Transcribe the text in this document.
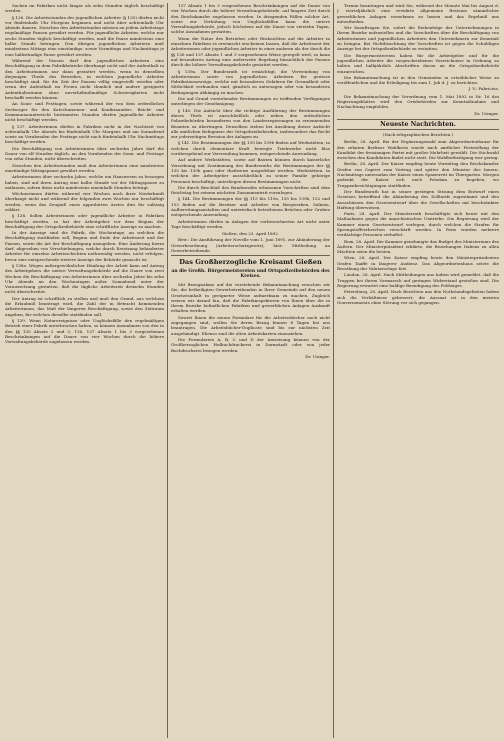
Sachen im Fabriken nicht länger als zehn Stunden täglich beschäftigt werden.

§ 136. Die Arbeitsstunden der jugendlichen Arbeiter (§ 135) dürfen nicht vor fünfeinhalb Uhr Morgens beginnen und nicht über achteinhalb Uhr Abends dauern. Zwischen den Arbeitsstunden müssen an jedem Arbeitstage regelmäßige Pausen gewährt werden. Für jugendliche Arbeiter, welche nur sechs Stunden täglich beschäftigt werden, muß die Pause mindestens eine halbe Stunde betragen. Den übrigen jugendlichen Arbeitern muß mindestens Mittags eine einstündige, sowie Vormittags und Nachmittags je eine halbstündige Pause gewährt werden.

Während der Pausen darf den jugendlichen Arbeitern eine Beschäftigung in dem Fabrikbetriebe überhaupt nicht und der Aufenthalt in den Arbeitsräumen nur dann gestattet werden, wenn in denselben diejenigen Theile des Betriebes, in welchen jugendliche Arbeiter beschäftigt sind, für die Zeit der Pausen völlig eingestellt werden oder wenn der Aufenthalt im Freien nicht thunlich und andere geeignete Aufenthaltsräume ohne unverhältnißmäßige Schwierigkeiten nicht beschafft werden können.

An Sonn- und Festtagen, sowie während der von dem ordentlichen Seelsorger für den Katechumenen- und Konfirmanden-, Beicht- und Kommunionunterricht bestimmten Stunden dürfen jugendliche Arbeiter nicht beschäftigt werden.

§ 137. Arbeiterinnen dürfen in Fabriken nicht in der Nachtzeit von achteinhalb Uhr Abends bis fünfeinhalb Uhr Morgens und am Sonnabend sowie an Vorabenden der Festtage nicht nach fünfeinhalb Uhr Nachmittags beschäftigt werden.

Die Beschäftigung von Arbeiterinnen über sechzehn Jahre darf die Dauer von elf Stunden täglich, an den Vorabenden der Sonn- und Festtage von zehn Stunden, nicht überschreiten.

Zwischen den Arbeitsstunden muß den Arbeiterinnen eine mindestens einstündige Mittagspause gewährt werden.

Arbeiterinnen über sechzehn Jahre, welche ein Hauswesen zu besorgen haben, sind auf ihren Antrag eine halbe Stunde vor der Mittagspause zu entlassen, sofern diese nicht mindestens eineinhalb Stunden beträgt.

Wöchnerinnen dürfen während vier Wochen nach ihrer Niederkunft überhaupt nicht und während der folgenden zwei Wochen nur beschäftigt werden, wenn das Zeugniß eines approbirten Arztes dies für zulässig erklärt.

§ 138. Sollen Arbeiterinnen oder jugendliche Arbeiter in Fabriken beschäftigt werden, so hat der Arbeitgeber vor dem Beginn der Beschäftigung der Ortspolizeibehörde eine schriftliche Anzeige zu machen.

In der Anzeige sind die Fabrik, die Wochentage, an welchen die Beschäftigung stattfinden soll, Beginn und Ende der Arbeitszeit und der Pausen, sowie die Art der Beschäftigung anzugeben. Eine Änderung hierin darf, abgesehen von Verschiebungen, welche durch Ersetzung behinderter Arbeiter für einzelne Arbeitsschichten nothwendig werden, nicht erfolgen, bevor eine entsprechende weitere Anzeige der Behörde gemacht ist.

§ 138a. Wegen außergewöhnlicher Häufung der Arbeit kann auf Antrag des Arbeitgebers die untere Verwaltungsbehörde auf die Dauer von zwei Wochen die Beschäftigung von Arbeiterinnen über sechzehn Jahre bis zehn Uhr Abends an den Wochentagen außer Sonnabend unter der Voraussetzung gestatten, daß die tägliche Arbeitszeit dreizehn Stunden nicht überschreitet.

Der Antrag ist schriftlich zu stellen und muß den Grund, aus welchem die Erlaubniß beantragt wird, die Zahl der in Betracht kommenden Arbeiterinnen, das Maß der längeren Beschäftigung, sowie den Zeitraum angeben, für welchen dieselbe stattfinden soll.

§ 139. Wenn Naturereignisse oder Unglücksfälle den regelmäßigen Betrieb einer Fabrik unterbrochen haben, so können Ausnahmen von den in den §§ 135 Absatz 2 und 3, 136, 137 Absatz 1 bis 3 vorgesehenen Beschränkungen auf die Dauer von vier Wochen durch die höhere Verwaltungsbehörde zugelassen werden.

137 Absatz 1 bis 3 vorgesehenen Beschränkungen auf die Dauer von vier Wochen durch die höhere Verwaltungsbehörde, auf längere Zeit durch den Reichskanzler zugelassen werden. In dringenden Fällen solcher Art, sowie zur Verhütung von Unglücksfällen kann die untere Verwaltungsbehörde, jedoch höchstens auf die Dauer von vierzehn Tagen, solche Ausnahmen gestatten.

Wenn die Natur des Betriebes oder Rücksichten auf die Arbeiter in einzelnen Fabriken es erwünscht erscheinen lassen, daß die Arbeitszeit der Arbeiterinnen oder jugendlichen Arbeiter in einer anderen als der durch die §§ 136 und 137 Absatz 1 und 3 vorgesehenen Weise geregelt wird, so kann auf besonderen Antrag eine anderweite Regelung hinsichtlich der Pausen durch die höhere Verwaltungsbehörde gestattet werden.

§ 139a. Der Bundesrath ist ermächtigt, die Verwendung von Arbeiterinnen sowie von jugendlichen Arbeitern für gewisse Fabrikationszweige, welche mit besonderen Gefahren für Gesundheit oder Sittlichkeit verbunden sind, gänzlich zu untersagen oder von besonderen Bedingungen abhängig zu machen.

Die auf Grund vorstehender Bestimmungen zu treffenden Verfügungen unterliegen der Genehmigung.

§ 140. Die Aufsicht über die richtige Ausführung der Bestimmungen dieses Titels ist ausschließlich oder neben den ordentlichen Polizeibehörden besonderen von den Landesregierungen zu ernennenden Beamten zu übertragen. Denselben stehen bei Ausübung dieser Aufsicht alle amtlichen Befugnisse der Ortspolizeibehörden, insbesondere das Recht zur jederzeitigen Revision der Anlagen zu.

§ 141. Die Bestimmungen der §§ 135 bis 139b finden auf Werkstätten, in welchen durch elementare Kraft bewegte Triebwerke nicht blos vorübergehend zur Verwendung kommen, entsprechende Anwendung.

Auf andere Werkstätten, sowie auf Bauten können durch kaiserliche Verordnung mit Zustimmung des Bundesraths die Bestimmungen der §§ 135 bis 139b ganz oder theilweise ausgedehnt werden. Werkstätten, in welchen der Arbeitgeber ausschließlich zu seiner Familie gehörige Personen beschäftigt, unterliegen diesen Bestimmungen nicht.

Die durch Beschluß des Bundesraths erlassenen Vorschriften sind dem Reichstag bei seinem nächsten Zusammentritt vorzulegen.

§ 144. Die Bestimmungen der §§ 115 bis 119a, 135 bis 139b, 152 und 153 finden auf die Besitzer und Arbeiter von Bergwerken, Salinen, Aufbereitungsanstalten und unterirdisch betriebenen Brüchen oder Gruben entsprechende Anwendung.

Arbeiterinnen dürfen in Anlagen der vorbezeichneten Art nicht unter Tage beschäftigt werden.

Gießen, den 23. April 1892.

Betr.: Die Ausführung der Novelle vom 1. Juni 1891, zur Abänderung der Gewerbeordnung (Arbeiterschutzgesetz); hier: Mittheilung an Gewerbetreibende.

Das Großherzogliche Kreisamt Gießen

an die Großh. Bürgermeistereien und Ortspolizeibehörden des Kreises.

Mit Bezugnahme auf die vorstehende Bekanntmachung ersuchen wir Sie, die betheiligten Gewerbetreibenden in Ihrer Gemeinde auf den neuen Gesetzesinhalt in geeigneter Weise aufmerksam zu machen. Zugleich weisen wir darauf hin, daß die Fabrikinspektoren von Ihnen über die in Ihrem Bezirke befindlichen Fabriken und gewerblichen Anlagen Auskunft erhalten werden.

Soweit Ihnen die neuen Formulare für die Arbeiterbücher noch nicht zugegangen sind, wollen Sie deren Bezug binnen 8 Tagen bei uns beantragen. Die Arbeitsbücher-Duplicate sind bis zur nächsten Zeit ausgehändigt. Ebenso sind die alten Arbeitskarten einzuziehen.

Die Formularien A, B, C und D der Anweisung können von der Großherzoglichen Hofbuchdruckerei in Darmstadt oder von jeder Buchdruckerei bezogen werden.

Dr. Usinger.

Termin beantragen und wird Sie, während der Monate Mai bis August d. J. vierteljährlich eine revidirte allgemeine Revision sämmtlicher gewerblichen Anlagen vornehmen zu lassen und das Ergebniß uns mitzutheilen.

Wir beauftragen Sie, sofort die Reihenfolge der Unternehmungen in Ihrem Bezirke aufzustellen und die Vorschriften über die Beschäftigung von Arbeiterinnen und jugendlichen Arbeitern den Unternehmern zur Kenntniß zu bringen. Bei Nichtbeachtung der Vorschriften ist gegen die Schuldigen Anzeige bei der Ortspolizeibehörde zu erstatten.

Die Bürgermeistereien haben für die Arbeitgeber und für die jugendlichen Arbeiter die vorgeschriebenen Verzeichnisse in Ordnung zu halten und halbjährlich Abschriften davon an die Ortspolizeibehörde einzureichen.

Die Bekanntmachung ist in den Gemeinden in ortsüblicher Weise zu veröffentlichen und die Erledigung bis zum 1. Juli d. J. zu berichten.

J. V.: Fabricius.

Die Bekanntmachung der Verordnung vom 1. Mai 1892 in Nr. 16 des Regierungsblattes wird den Ortsbehörden zur Kenntnißnahme und Nachachtung empfohlen.

Dr. Usinger.

Neueste Nachrichten.

(Nach telegraphischen Berichten.)

Berlin, 28. April. Bei der Ergänzungswahl zum Abgeordnetenhause für den zehnten Berliner Wahlkreis wurde nach amtlicher Feststellung der Kandidat der freisinnigen Partei mit großer Mehrheit gewählt. Die Stichwahl zwischen den Kandidaten findet nicht statt. Die Wahlbetheiligung war gering.

Berlin, 28. April. Der Kaiser empfing heute Vormittag den Reichskanzler Grafen von Caprivi zum Vortrag und später den Minister des Innern. Nachmittags unternahm der Kaiser einen Spazierritt im Thiergarten. Morgen gedenkt der Kaiser sich nach Potsdam zu begeben, wo Truppenbesichtigungen stattfinden.

Der Bundesrath hat in seiner gestrigen Sitzung dem Entwurf eines Gesetzes betreffend die Abänderung des Zolltarifs zugestimmt und den Ausschüssen den Gesetzentwurf über die Gesellschaften mit beschränkter Haftung überwiesen.

Paris, 28. April. Der Ministerrath beschäftigte sich heute mit den Maßnahmen gegen die anarchistischen Umtriebe. Die Regierung wird der Kammer einen Gesetzentwurf vorlegen, durch welchen die Strafen für Sprengstoffverbrechen verschärft werden. In Paris wurden mehrere verdächtige Personen verhaftet.

Rom, 28. April. Die Kammer genehmigte das Budget des Ministeriums des Äußern. Der Ministerpräsident erklärte, die Beziehungen Italiens zu allen Mächten seien die besten.

Wien, 28. April. Der Kaiser empfing heute den Ministerpräsidenten Grafen Taaffe in längerer Audienz. Das Abgeordnetenhaus setzte die Berathung der Valutavorlage fort.

London, 28. April. Nach Mittheilungen aus Indien wird gemeldet, daß die Truppen bei ihrem Vormarsch auf geringen Widerstand gestoßen sind. Die Regierung erwartet eine baldige Beendigung des Feldzuges.

Petersburg, 28. April. Nach Berichten aus den Nothstandsgebieten haben sich die Verhältnisse gebessert; die Aussaat ist in den meisten Gouvernements ohne Störung vor sich gegangen.
